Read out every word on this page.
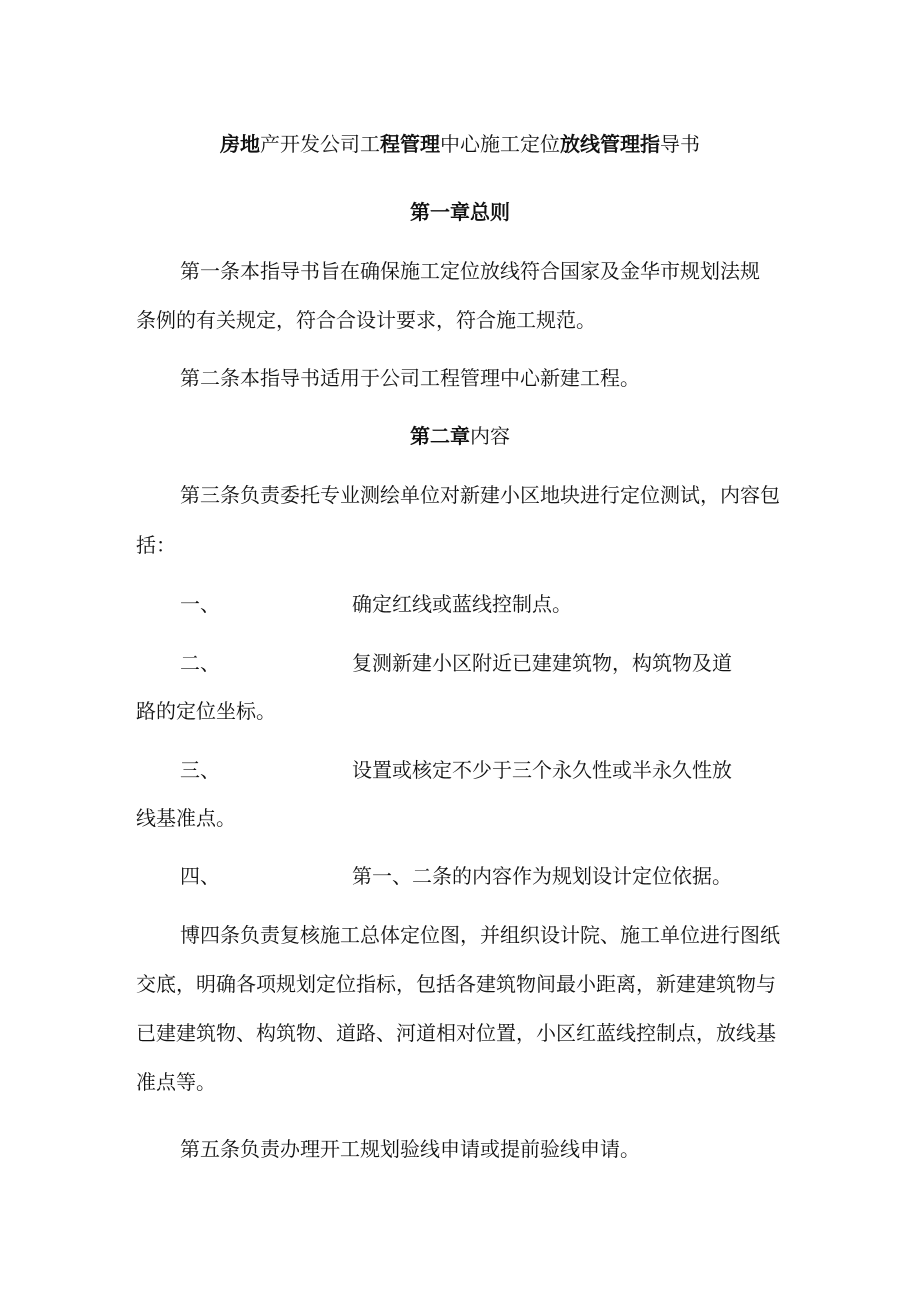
房地产开发公司工程管理中心施工定位放线管理指导书
第一章总则
第一条本指导书旨在确保施工定位放线符合国家及金华市规划法规
条例的有关规定，符合合设计要求，符合施工规范。
第二条本指导书适用于公司工程管理中心新建工程。
第二章内容
第三条负责委托专业测绘单位对新建小区地块进行定位测试，内容包
括：
一、	确定红线或蓝线控制点。
二、	复测新建小区附近已建建筑物，构筑物及道
路的定位坐标。
三、	设置或核定不少于三个永久性或半永久性放
线基准点。
四、	第一、二条的内容作为规划设计定位依据。
博四条负责复核施工总体定位图，并组织设计院、施工单位进行图纸
交底，明确各项规划定位指标，包括各建筑物间最小距离，新建建筑物与
已建建筑物、构筑物、道路、河道相对位置，小区红蓝线控制点，放线基
准点等。
第五条负责办理开工规划验线申请或提前验线申请。
